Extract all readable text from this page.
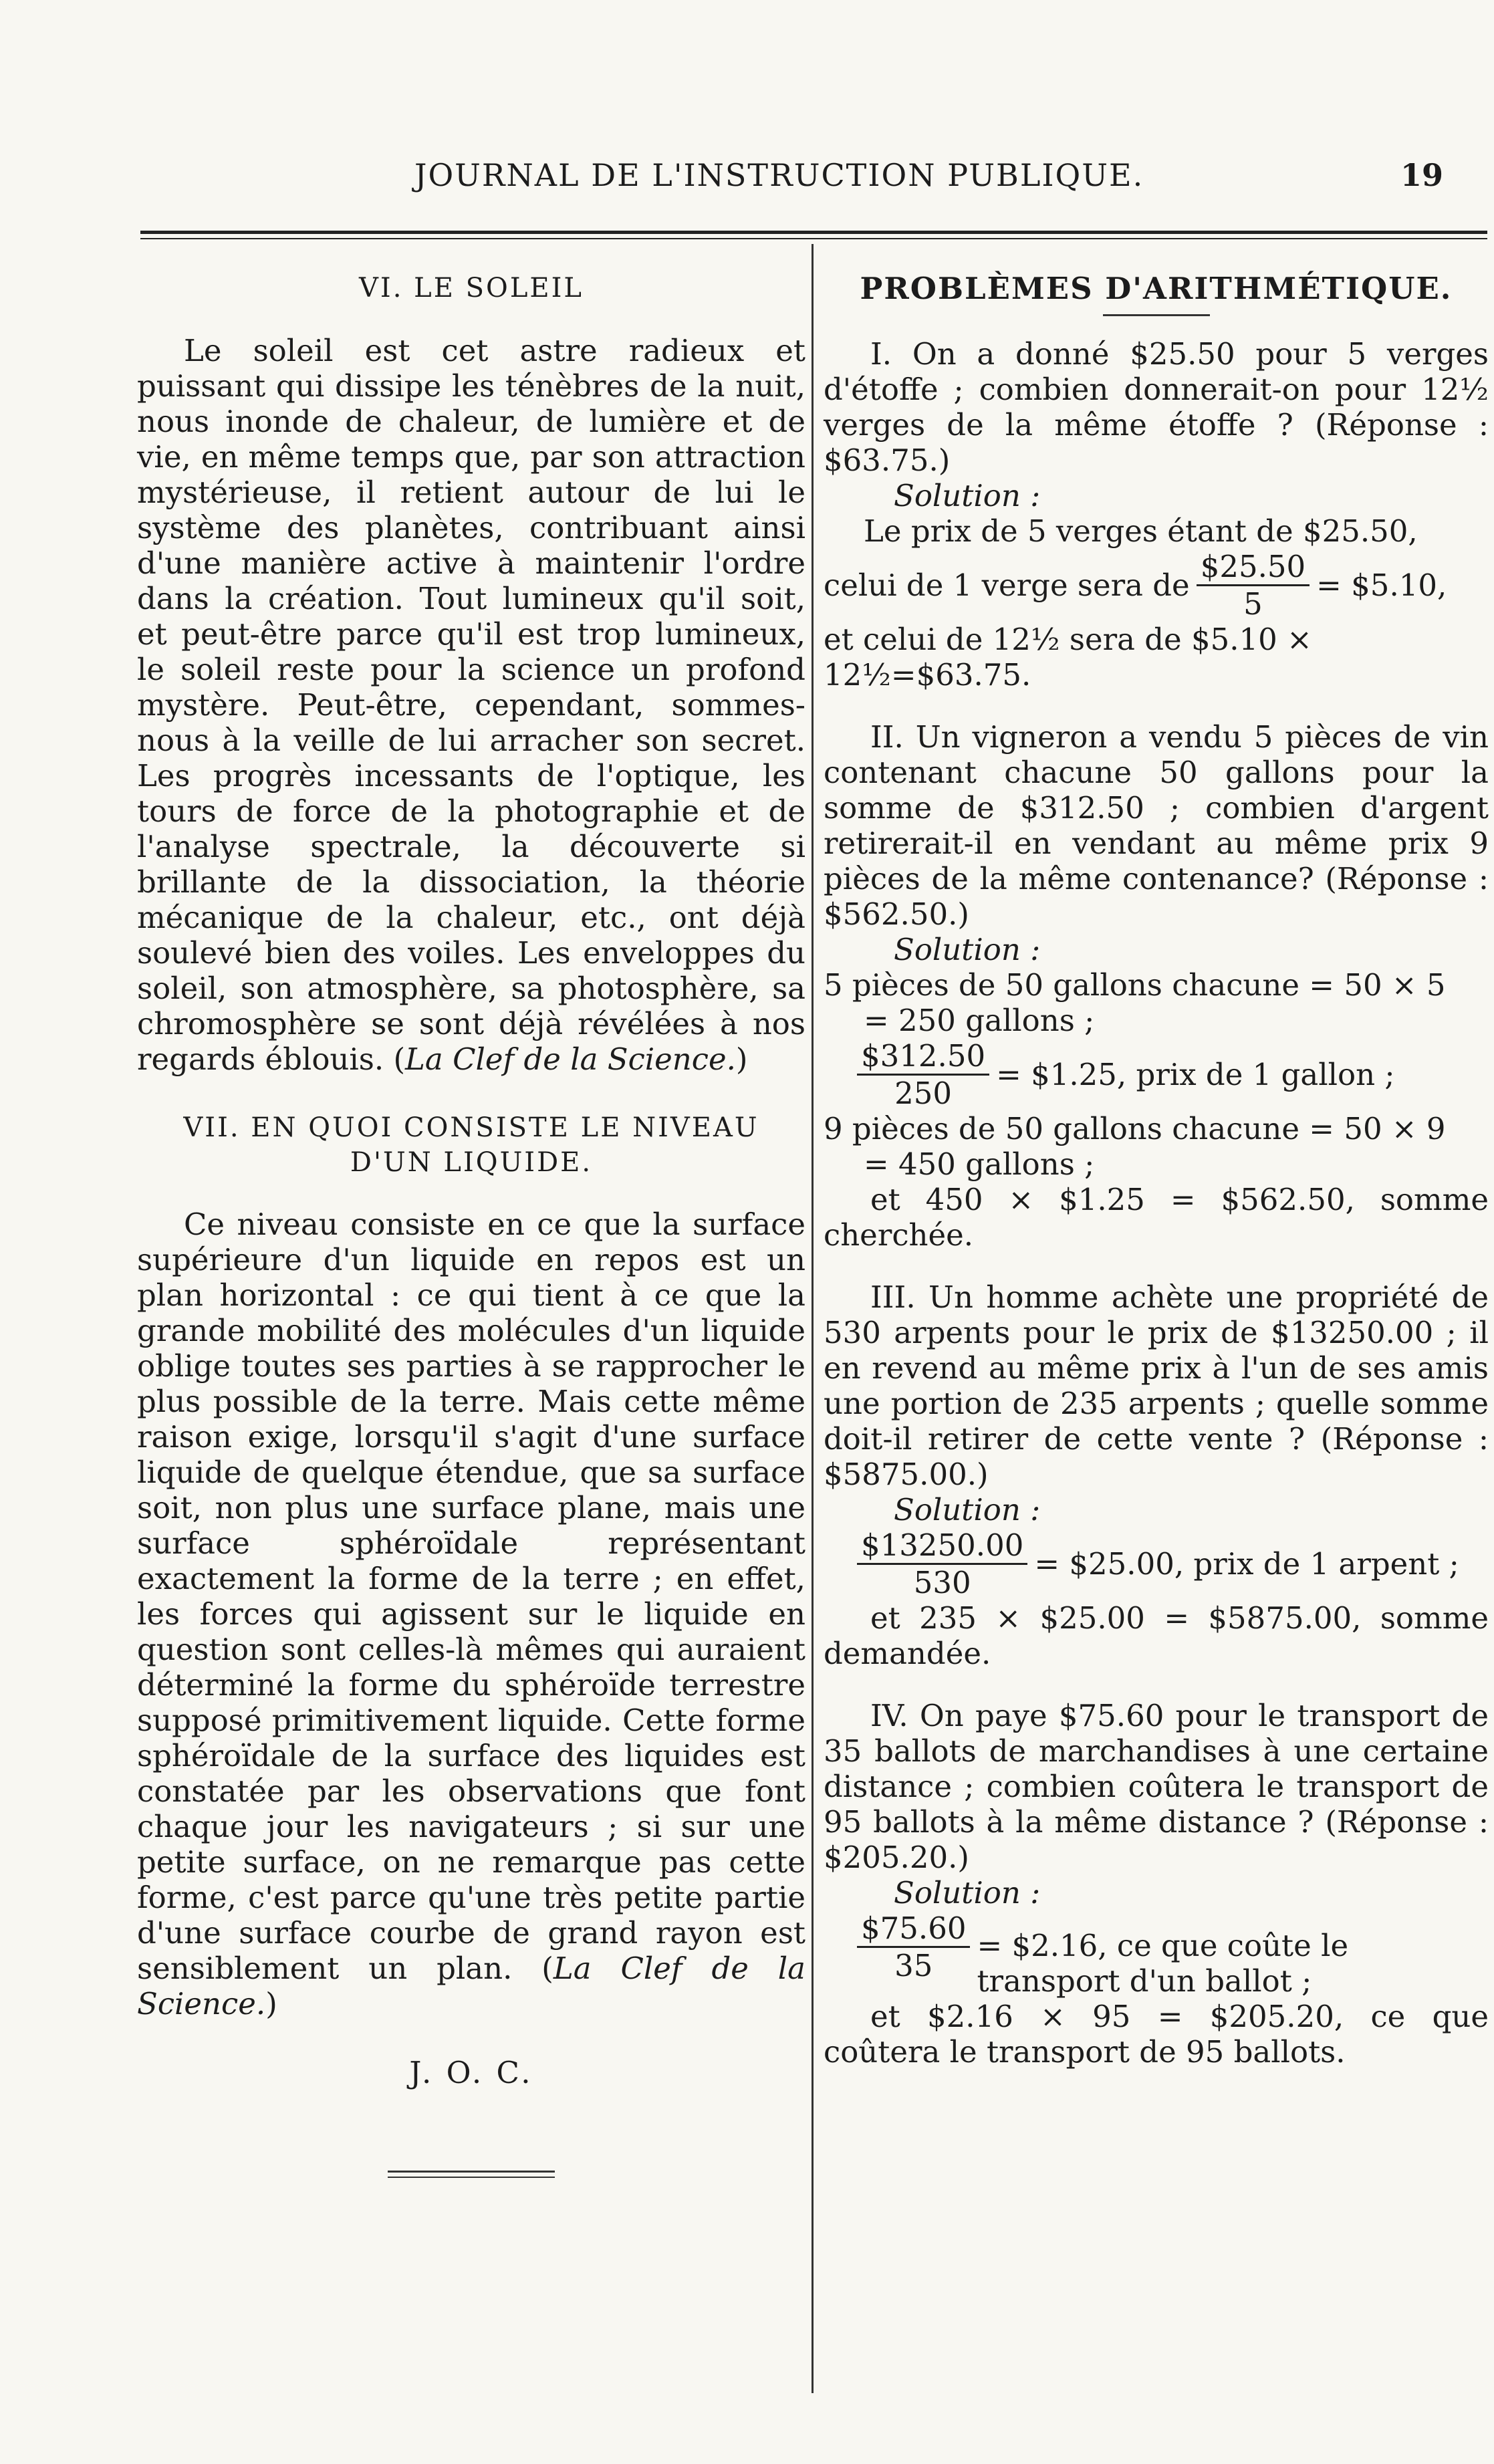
JOURNAL DE L'INSTRUCTION PUBLIQUE.	19
VI. LE SOLEIL

Le soleil est cet astre radieux et puissant qui dissipe les ténèbres de la nuit, nous inonde de chaleur, de lumière et de vie, en même temps que, par son attraction mystérieuse, il retient autour de lui le système des planètes, contribuant ainsi d'une manière active à maintenir l'ordre dans la création. Tout lumineux qu'il soit, et peut-être parce qu'il est trop lumineux, le soleil reste pour la science un profond mystère. Peut-être, cependant, sommes-nous à la veille de lui arracher son secret. Les progrès incessants de l'optique, les tours de force de la photographie et de l'analyse spectrale, la découverte si brillante de la dissociation, la théorie mécanique de la chaleur, etc., ont déjà soulevé bien des voiles. Les enveloppes du soleil, son atmosphère, sa photosphère, sa chromosphère se sont déjà révélées à nos regards éblouis. (La Clef de la Science.)

VII. EN QUOI CONSISTE LE NIVEAU D'UN LIQUIDE.

Ce niveau consiste en ce que la surface supérieure d'un liquide en repos est un plan horizontal : ce qui tient à ce que la grande mobilité des molécules d'un liquide oblige toutes ses parties à se rapprocher le plus possible de la terre. Mais cette même raison exige, lorsqu'il s'agit d'une surface liquide de quelque étendue, que sa surface soit, non plus une surface plane, mais une surface sphéroïdale représentant exactement la forme de la terre ; en effet, les forces qui agissent sur le liquide en question sont celles-là mêmes qui auraient déterminé la forme du sphéroïde terrestre supposé primitivement liquide. Cette forme sphéroïdale de la surface des liquides est constatée par les observations que font chaque jour les navigateurs ; si sur une petite surface, on ne remarque pas cette forme, c'est parce qu'une très petite partie d'une surface courbe de grand rayon est sensiblement un plan. (La Clef de la Science.)

J. O. C.

PROBLÈMES D'ARITHMÉTIQUE.

I. On a donné $25.50 pour 5 verges d'étoffe ; combien donnerait-on pour 12½ verges de la même étoffe ? (Réponse : $63.75.)

Solution :
Le prix de 5 verges étant de $25.50,
celui de 1 verge sera de $\frac{\$25.50}{5}$ = $5.10,
et celui de 12½ sera de $5.10 × 12½=$63.75.

II. Un vigneron a vendu 5 pièces de vin contenant chacune 50 gallons pour la somme de $312.50 ; combien d'argent retirerait-il en vendant au même prix 9 pièces de la même contenance? (Réponse : $562.50.)

Solution :
5 pièces de 50 gallons chacune = 50 × 5
= 250 gallons ;
$\frac{\$312.50}{250}$ = $1.25, prix de 1 gallon ;
9 pièces de 50 gallons chacune = 50 × 9
= 450 gallons ;

et 450 × $1.25 = $562.50, somme cherchée.

III. Un homme achète une propriété de 530 arpents pour le prix de $13250.00 ; il en revend au même prix à l'un de ses amis une portion de 235 arpents ; quelle somme doit-il retirer de cette vente ? (Réponse : $5875.00.)

Solution :
$\frac{\$13250.00}{530}$ = $25.00, prix de 1 arpent ;

et 235 × $25.00 = $5875.00, somme demandée.

IV. On paye $75.60 pour le transport de 35 ballots de marchandises à une certaine distance ; combien coûtera le transport de 95 ballots à la même distance ? (Réponse : $205.20.)

Solution :
$\frac{\$75.60}{35}$ = $2.16, ce que coûte le transport d'un ballot ;

et $2.16 × 95 = $205.20, ce que coûtera le transport de 95 ballots.
